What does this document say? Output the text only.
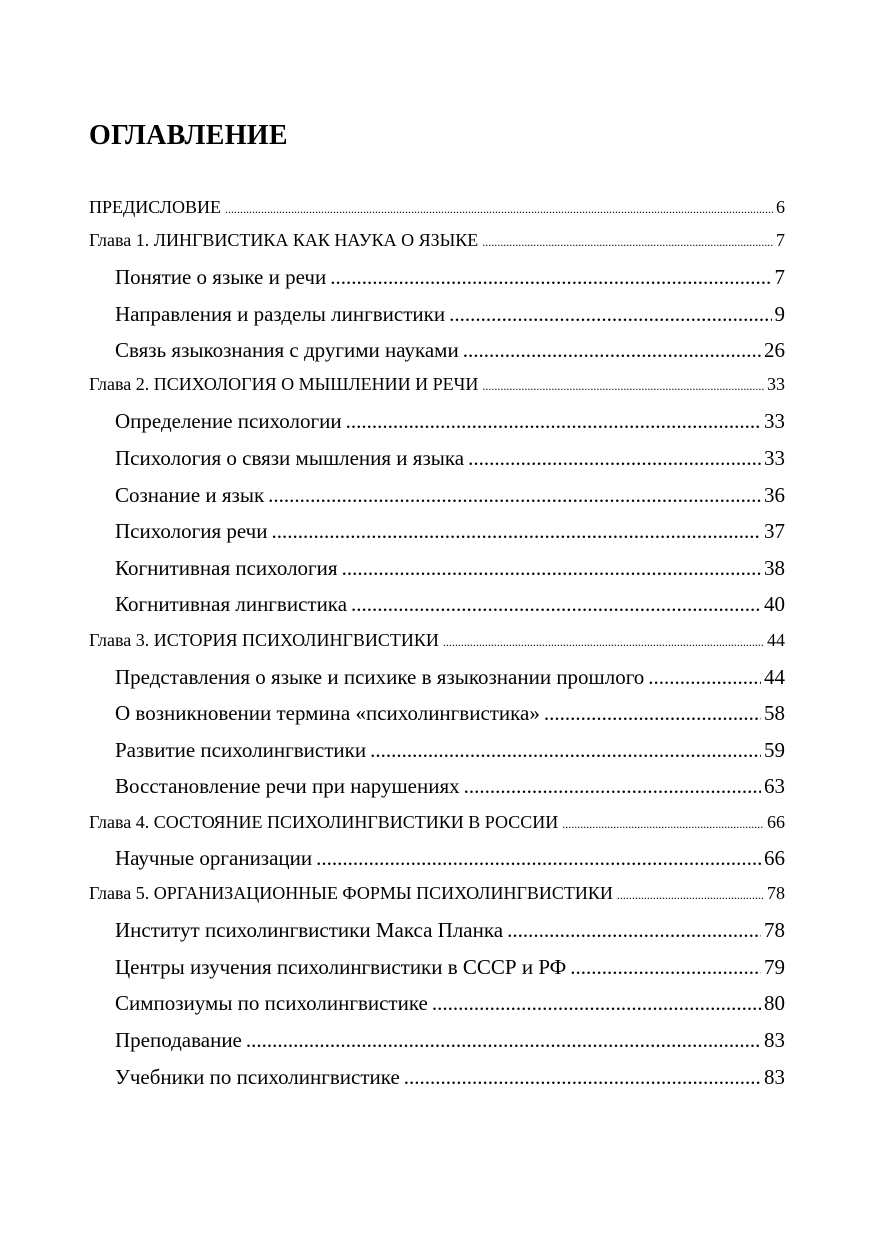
ОГЛАВЛЕНИЕ
ПРЕДИСЛОВИЕ .....	6
Глава 1. ЛИНГВИСТИКА КАК НАУКА О ЯЗЫКЕ .....	7
Понятие о языке и речи .....	7
Направления и разделы лингвистики .....	9
Связь языкознания с другими науками .....	26
Глава 2. ПСИХОЛОГИЯ О МЫШЛЕНИИ И РЕЧИ .....	33
Определение психологии .....	33
Психология о связи мышления и языка .....	33
Сознание и язык .....	36
Психология речи .....	37
Когнитивная психология .....	38
Когнитивная лингвистика .....	40
Глава 3. ИСТОРИЯ ПСИХОЛИНГВИСТИКИ .....	44
Представления о языке и психике в языкознании прошлого .....	44
О возникновении термина «психолингвистика» .....	58
Развитие психолингвистики .....	59
Восстановление речи при нарушениях .....	63
Глава 4. СОСТОЯНИЕ ПСИХОЛИНГВИСТИКИ В РОССИИ .....	66
Научные организации .....	66
Глава 5. ОРГАНИЗАЦИОННЫЕ ФОРМЫ ПСИХОЛИНГВИСТИКИ .....	78
Институт психолингвистики Макса Планка .....	78
Центры изучения психолингвистики в СССР и РФ .....	79
Симпозиумы по психолингвистике .....	80
Преподавание .....	83
Учебники по психолингвистике .....	83
